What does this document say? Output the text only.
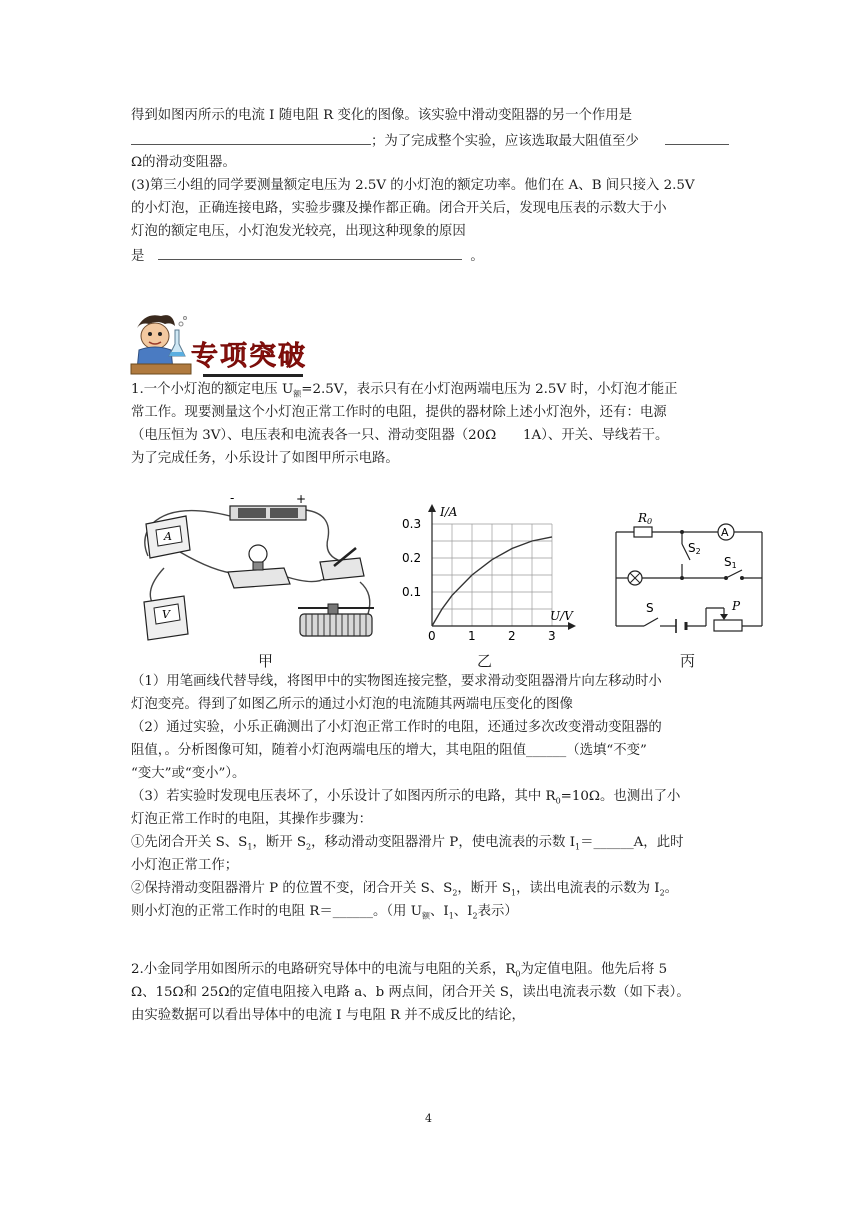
得到如图丙所示的电流 I 随电阻 R 变化的图像。该实验中滑动变阻器的另一个作用是
；为了完成整个实验，应该选取最大阻值至少
Ω的滑动变阻器。
(3)第三小组的同学要测量额定电压为 2.5V 的小灯泡的额定功率。他们在 A、B 间只接入 2.5V
的小灯泡，正确连接电路，实验步骤及操作都正确。闭合开关后，发现电压表的示数大于小
灯泡的额定电压，小灯泡发光较亮，出现这种现象的原因
是	。
专项突破
1.一个小灯泡的额定电压 $U_额=2.5V$，表示只有在小灯泡两端电压为 2.5V 时，小灯泡才能正
常工作。现要测量这个小灯泡正常工作时的电阻，提供的器材除上述小灯泡外，还有：电源
（电压恒为 3V）、电压表和电流表各一只、滑动变阻器（20Ω　　1A）、开关、导线若干。
为了完成任务，小乐设计了如图甲所示电路。
-	+
A
V
甲
I/A
U/V
0	1	2	3
0.3
0.2
0.1
乙
R0
A
S2
S1
S	P
丙
（1）用笔画线代替导线，将图甲中的实物图连接完整，要求滑动变阻器滑片向左移动时小
灯泡变亮。得到了如图乙所示的通过小灯泡的电流随其两端电压变化的图像
（2）通过实验，小乐正确测出了小灯泡正常工作时的电阻，还通过多次改变滑动变阻器的
阻值，。分析图像可知，随着小灯泡两端电压的增大，其电阻的阻值______（选填“不变”
“变大”或“变小”）。
（3）若实验时发现电压表坏了，小乐设计了如图丙所示的电路，其中 $R_0=10\Omega$。也测出了小
灯泡正常工作时的电阻，其操作步骤为：
①先闭合开关 S、$S_1$，断开 $S_2$，移动滑动变阻器滑片 P，使电流表的示数 $I_1=\_\_\_\_\_\_A$，此时
小灯泡正常工作；
②保持滑动变阻器滑片 P 的位置不变，闭合开关 S、$S_2$，断开 $S_1$，读出电流表的示数为 $I_2$。
则小灯泡的正常工作时的电阻 R＝______。（用 $U_额$、$I_1$、$I_2$表示）
2.小金同学用如图所示的电路研究导体中的电流与电阻的关系，$R_0$为定值电阻。他先后将 5
Ω、15Ω和 25Ω的定值电阻接入电路 a、b 两点间，闭合开关 S，读出电流表示数（如下表）。
由实验数据可以看出导体中的电流 I 与电阻 R 并不成反比的结论，
4
